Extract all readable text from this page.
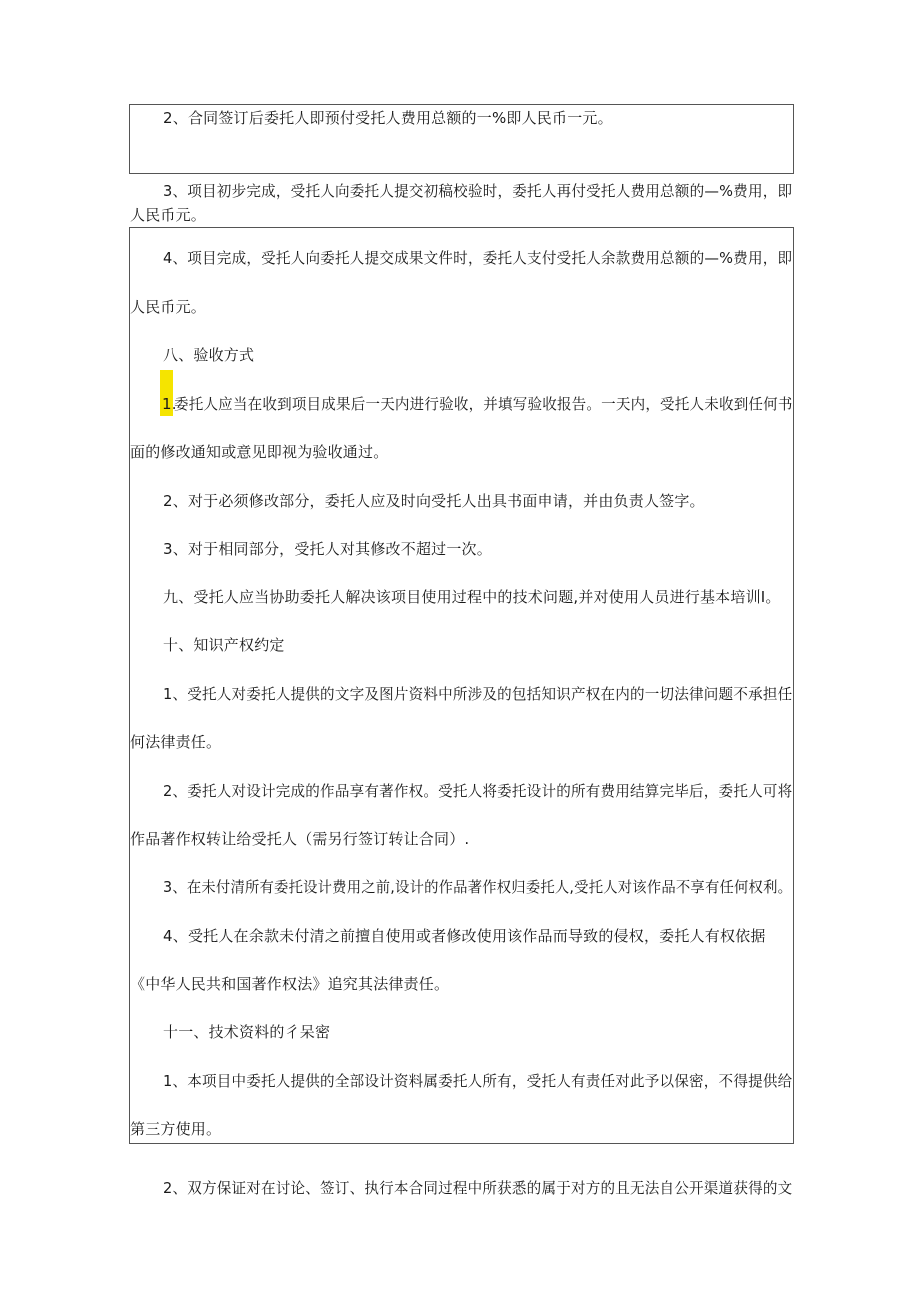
2、合同签订后委托人即预付受托人费用总额的一%即人民币一元。
3、项目初步完成，受托人向委托人提交初稿校验时，委托人再付受托人费用总额的—%费用，即
人民币元。
4、项目完成，受托人向委托人提交成果文件时，委托人支付受托人余款费用总额的—%费用，即
人民币元。
八、验收方式
1.
委托人应当在收到项目成果后一天内进行验收，并填写验收报告。一天内，受托人未收到任何书
面的修改通知或意见即视为验收通过。
2、对于必须修改部分，委托人应及时向受托人出具书面申请，并由负责人签字。
3、对于相同部分，受托人对其修改不超过一次。
九、受托人应当协助委托人解决该项目使用过程中的技术问题,并对使用人员进行基本培训I。
十、知识产权约定
1、受托人对委托人提供的文字及图片资料中所涉及的包括知识产权在内的一切法律问题不承担任
何法律责任。
2、委托人对设计完成的作品享有著作权。受托人将委托设计的所有费用结算完毕后，委托人可将
作品著作权转让给受托人（需另行签订转让合同）.
3、在未付清所有委托设计费用之前,设计的作品著作权归委托人,受托人对该作品不享有任何权利。
4、受托人在余款未付清之前擅自使用或者修改使用该作品而导致的侵权，委托人有权依据
《中华人民共和国著作权法》追究其法律责任。
十一、技术资料的彳呆密
1、本项目中委托人提供的全部设计资料属委托人所有，受托人有责任对此予以保密，不得提供给
第三方使用。
2、双方保证对在讨论、签订、执行本合同过程中所获悉的属于对方的且无法自公开渠道获得的文
